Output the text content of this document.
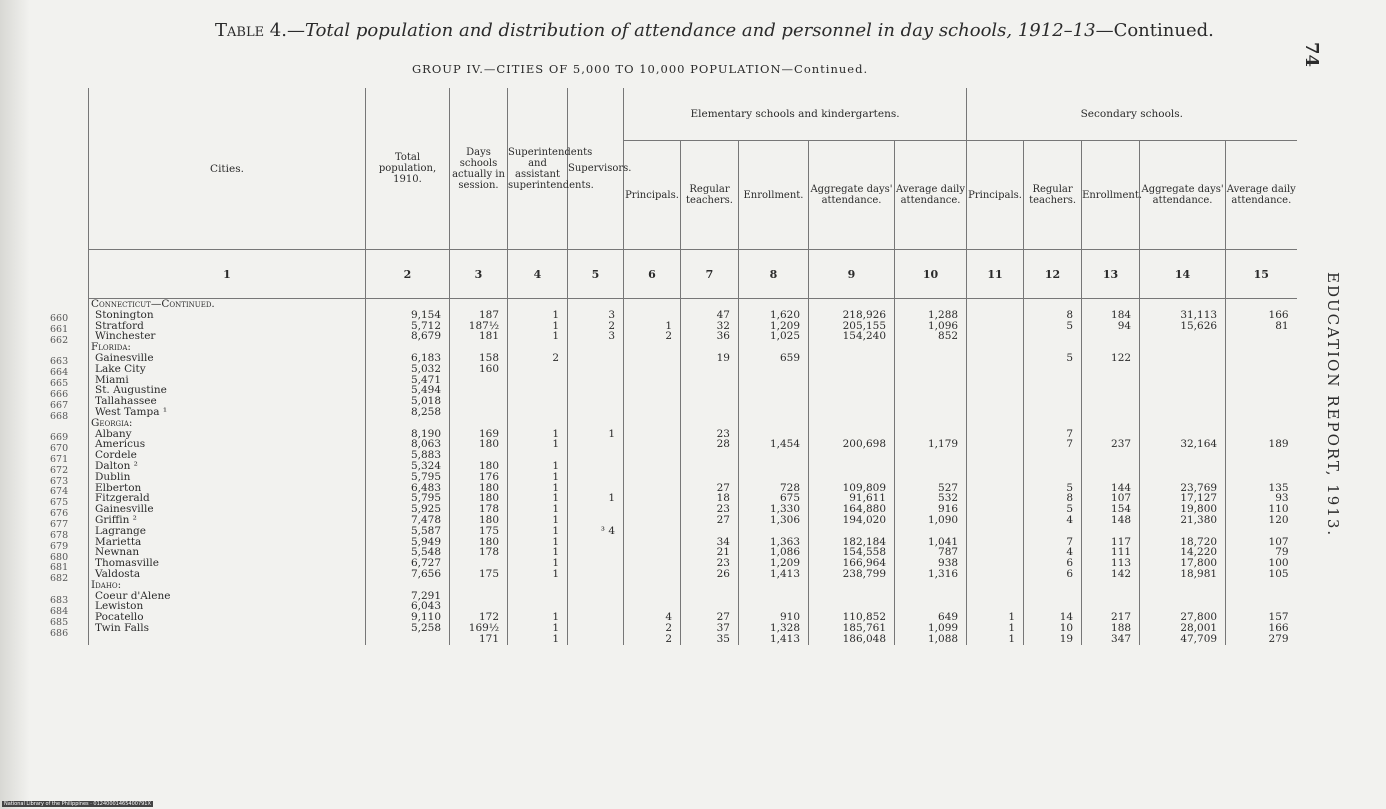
Table 4.—Total population and distribution of attendance and personnel in day schools, 1912–13—Continued.
GROUP IV.—CITIES OF 5,000 TO 10,000 POPULATION—Continued.
74
EDUCATION REPORT, 1913.
Cities.	Total population, 1910.	Days schools actually in session.	Superintendents and assistant superintendents.	Supervisors.	Elementary schools and kindergartens.					Secondary schools.				
					Principals.	Regular teachers.	Enrollment.	Aggregate days' attendance.	Average daily attendance.	Principals.	Regular teachers.	Enrollment.	Aggregate days' attendance.	Average daily attendance.
1	2	3	4	5	6	7	8	9	10	11	12	13	14	15
Connecticut—Continued.														
Stonington	9,154	187	1	3		47	1,620	218,926	1,288		8	184	31,113	166
Stratford	5,712	187½	1	2	1	32	1,209	205,155	1,096		5	94	15,626	81
Winchester	8,679	181	1	3	2	36	1,025	154,240	852					
Florida:														
Gainesville	6,183	158	2			19	659				5	122		
Lake City	5,032	160												
Miami	5,471													
St. Augustine	5,494													
Tallahassee	5,018													
West Tampa ¹	8,258													
Georgia:														
Albany	8,190	169	1	1		23					7			
Americus	8,063	180	1			28	1,454	200,698	1,179		7	237	32,164	189
Cordele	5,883													
Dalton ²	5,324	180	1											
Dublin	5,795	176	1											
Elberton	6,483	180	1			27	728	109,809	527		5	144	23,769	135
Fitzgerald	5,795	180	1	1		18	675	91,611	532		8	107	17,127	93
Gainesville	5,925	178	1			23	1,330	164,880	916		5	154	19,800	110
Griffin ²	7,478	180	1			27	1,306	194,020	1,090		4	148	21,380	120
Lagrange	5,587	175	1	³ 4										
Marietta	5,949	180	1			34	1,363	182,184	1,041		7	117	18,720	107
Newnan	5,548	178	1			21	1,086	154,558	787		4	111	14,220	79
Thomasville	6,727		1			23	1,209	166,964	938		6	113	17,800	100
Valdosta	7,656	175	1			26	1,413	238,799	1,316		6	142	18,981	105
Idaho:														
Coeur d'Alene	7,291													
Lewiston	6,043													
Pocatello	9,110	172	1		4	27	910	110,852	649	1	14	217	27,800	157
Twin Falls	5,258	169½	1		2	37	1,328	185,761	1,099	1	10	188	28,001	166
		171	1		2	35	1,413	186,048	1,088	1	19	347	47,709	279
660
661
662
663
664
665
666
667
668
669
670
671
672
673
674
675
676
677
678
679
680
681
682
683
684
685
686
National Library of the Philippines · 01240001465400791X
